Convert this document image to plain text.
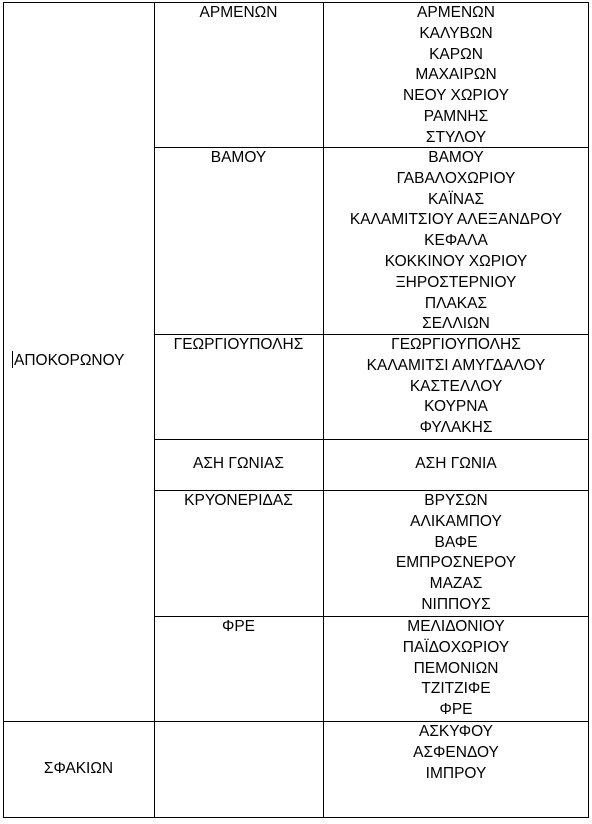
ΑΠΟΚΟΡΩΝΟΥ
ΑΡΜΕΝΩΝ	ΑΡΜΕΝΩΝ
ΚΑΛΥΒΩΝ
ΚΑΡΩΝ
ΜΑΧΑΙΡΩΝ
ΝΕΟΥ ΧΩΡΙΟΥ
ΡΑΜΝΗΣ
ΣΤΥΛΟΥ
ΒΑΜΟΥ	ΒΑΜΟΥ
ΓΑΒΑΛΟΧΩΡΙΟΥ
ΚΑΪΝΑΣ
ΚΑΛΑΜΙΤΣΙΟΥ ΑΛΕΞΑΝΔΡΟΥ
ΚΕΦΑΛΑ
ΚΟΚΚΙΝΟΥ ΧΩΡΙΟΥ
ΞΗΡΟΣΤΕΡΝΙΟΥ
ΠΛΑΚΑΣ
ΣΕΛΛΙΩΝ
ΓΕΩΡΓΙΟΥΠΟΛΗΣ	ΓΕΩΡΓΙΟΥΠΟΛΗΣ
ΚΑΛΑΜΙΤΣΙ ΑΜΥΓΔΑΛΟΥ
ΚΑΣΤΕΛΛΟΥ
ΚΟΥΡΝΑ
ΦΥΛΑΚΗΣ
ΑΣΗ ΓΩΝΙΑΣ	ΑΣΗ ΓΩΝΙΑ
ΚΡΥΟΝΕΡΙΔΑΣ	ΒΡΥΣΩΝ
ΑΛΙΚΑΜΠΟΥ
ΒΑΦΕ
ΕΜΠΡΟΣΝΕΡΟΥ
ΜΑΖΑΣ
ΝΙΠΠΟΥΣ
ΦΡΕ	ΜΕΛΙΔΟΝΙΟΥ
ΠΑΪΔΟΧΩΡΙΟΥ
ΠΕΜΟΝΙΩΝ
ΤΖΙΤΖΙΦΕ
ΦΡΕ
ΣΦΑΚΙΩΝ
ΑΣΚΥΦΟΥ
ΑΣΦΕΝΔΟΥ
ΙΜΠΡΟΥ
